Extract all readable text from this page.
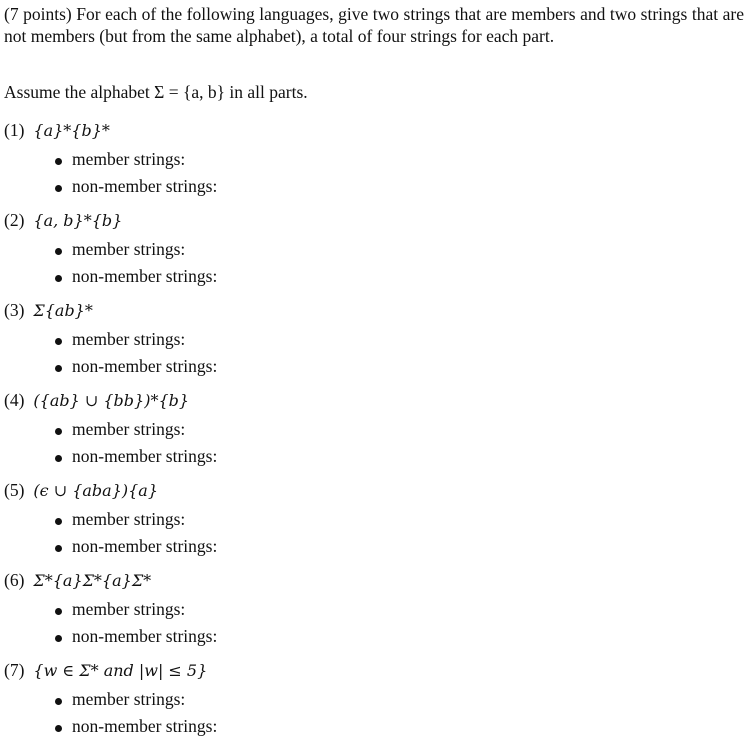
(7 points) For each of the following languages, give two strings that are members and two strings that are not members (but from the same alphabet), a total of four strings for each part.

Assume the alphabet Σ = {a, b} in all parts.
(1) {a}*{b}*
member strings:
non-member strings:
(2) {a, b}*{b}
member strings:
non-member strings:
(3) Σ{ab}*
member strings:
non-member strings:
(4) ({ab} ∪ {bb})*{b}
member strings:
non-member strings:
(5) (ϵ ∪ {aba}){a}
member strings:
non-member strings:
(6) Σ*{a}Σ*{a}Σ*
member strings:
non-member strings:
(7) {w ∈ Σ* and |w| ≤ 5}
member strings:
non-member strings:
